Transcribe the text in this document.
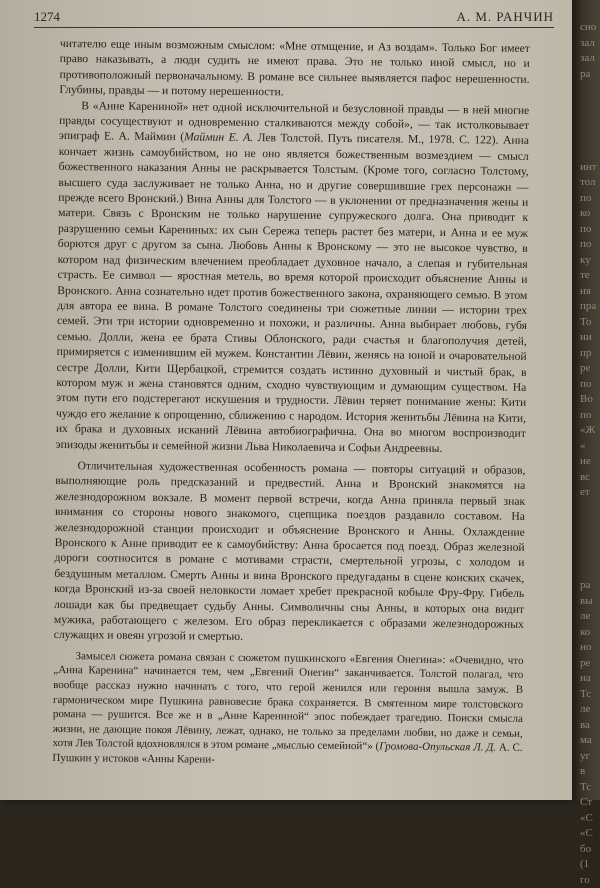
1274	А. М. РАНЧИН

читателю еще иным возможным смыслом: «Мне отмщение, и Аз воздам». Только Бог имеет право наказывать, а люди судить не имеют права. Это не только иной смысл, но и противоположный первоначальному. В романе все сильнее выявляется пафос нерешенности. Глубины, правды — и потому нерешенности.

В «Анне Карениной» нет одной исключительной и безусловной правды — в ней многие правды сосуществуют и одновременно сталкиваются между собой», — так истолковывает эпиграф Е. А. Маймин (Маймин Е. А. Лев Толстой. Путь писателя. М., 1978. С. 122). Анна кончает жизнь самоубийством, но не оно является божественным возмездием — смысл божественного наказания Анны не раскрывается Толстым. (Кроме того, согласно Толстому, высшего суда заслуживает не только Анна, но и другие совершившие грех персонажи — прежде всего Вронский.) Вина Анны для Толстого — в уклонении от предназначения жены и матери. Связь с Вронским не только нарушение супружеского долга. Она приводит к разрушению семьи Карениных: их сын Сережа теперь растет без матери, и Анна и ее муж борются друг с другом за сына. Любовь Анны к Вронскому — это не высокое чувство, в котором над физическим влечением преобладает духовное начало, а слепая и губительная страсть. Ее символ — яростная метель, во время которой происходит объяснение Анны и Вронского. Анна сознательно идет против божественного закона, охраняющего семью. В этом для автора ее вина. В романе Толстого соединены три сюжетные линии — истории трех семей. Эти три истории одновременно и похожи, и различны. Анна выбирает любовь, губя семью. Долли, жена ее брата Стивы Облонского, ради счастья и благополучия детей, примиряется с изменившим ей мужем. Константин Лёвин, женясь на юной и очаровательной сестре Долли, Кити Щербацкой, стремится создать истинно духовный и чистый брак, в котором муж и жена становятся одним, сходно чувствующим и думающим существом. На этом пути его подстерегают искушения и трудности. Лёвин теряет понимание жены: Кити чуждо его желание к опрощению, сближению с народом. История женитьбы Лёвина на Кити, их брака и духовных исканий Лёвина автобиографична. Она во многом воспроизводит эпизоды женитьбы и семейной жизни Льва Николаевича и Софьи Андреевны.

Отличительная художественная особенность романа — повторы ситуаций и образов, выполняющие роль предсказаний и предвестий. Анна и Вронский знакомятся на железнодорожном вокзале. В момент первой встречи, когда Анна приняла первый знак внимания со стороны нового знакомого, сцепщика поездов раздавило составом. На железнодорожной станции происходит и объяснение Вронского и Анны. Охлаждение Вронского к Анне приводит ее к самоубийству: Анна бросается под поезд. Образ железной дороги соотносится в романе с мотивами страсти, смертельной угрозы, с холодом и бездушным металлом. Смерть Анны и вина Вронского предугаданы в сцене конских скачек, когда Вронский из-за своей неловкости ломает хребет прекрасной кобыле Фру-Фру. Гибель лошади как бы предвещает судьбу Анны. Символичны сны Анны, в которых она видит мужика, работающего с железом. Его образ перекликается с образами железнодорожных служащих и овеян угрозой и смертью.

Замысел сюжета романа связан с сюжетом пушкинского «Евгения Онегина»: «Очевидно, что „Анна Каренина“ начинается тем, чем „Евгений Онегин“ заканчивается. Толстой полагал, что вообще рассказ нужно начинать с того, что герой женился или героиня вышла замуж. В гармоническом мире Пушкина равновесие брака сохраняется. В смятенном мире толстовского романа — рушится. Все же и в „Анне Карениной“ эпос побеждает трагедию. Поиски смысла жизни, не дающие покоя Лёвину, лежат, однако, не только за пределами любви, но даже и семьи, хотя Лев Толстой вдохновлялся в этом романе „мыслью семейной“» (Громова-Опульская Л. Д. А. С. Пушкин у истоков «Анны Карени-

сно
зал
зал
ра
инт
тол
по
ко
по
по
ку
те
ня
пра
То
ни
пр
ре
по
Во
по
«Ж
«
не
вс
ет
ра
вы
ле
ко
но
ре
на
Тс
ле
ва
ма
уг
в
Тс
Ст
«С
«С
бо
(1
го
